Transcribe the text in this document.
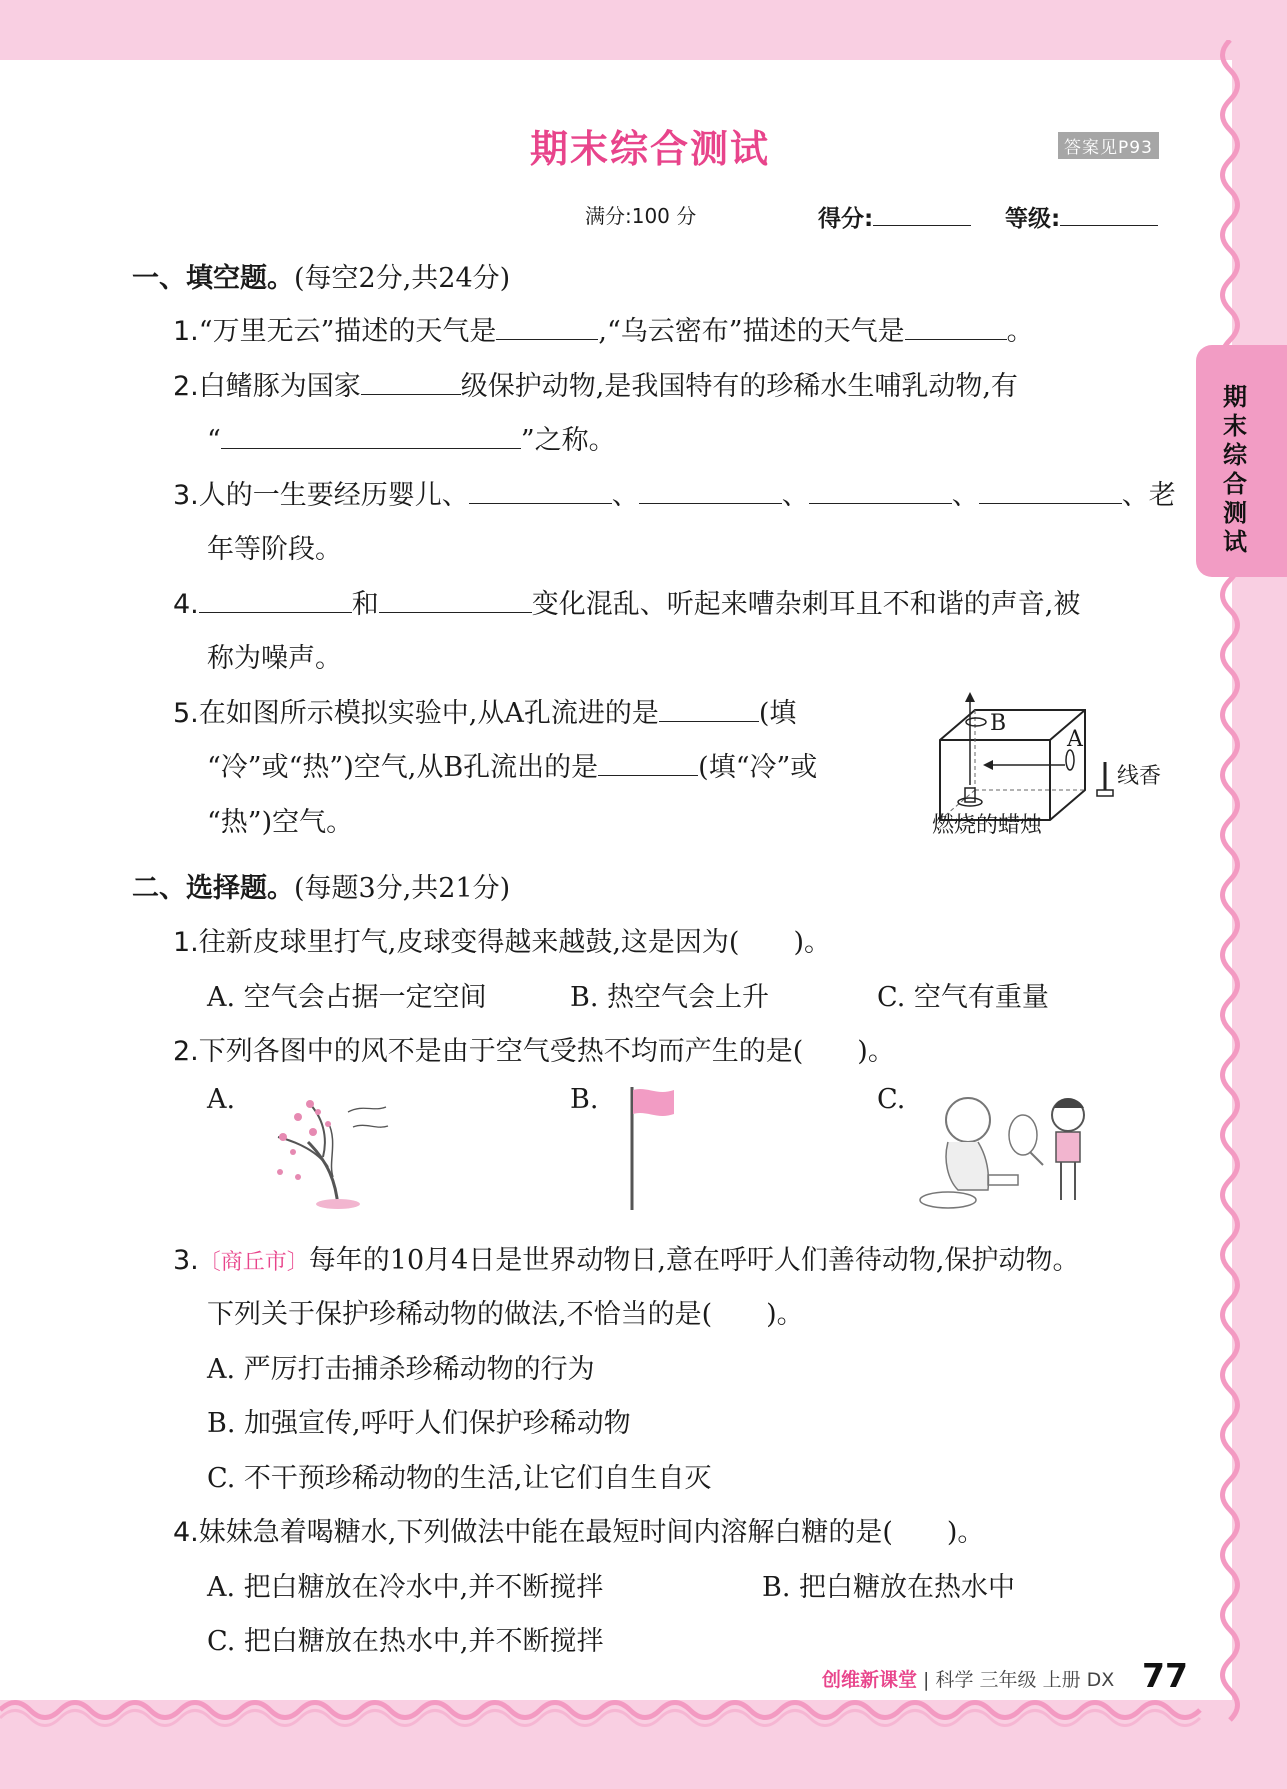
期末综合测试
期末综合测试	答案见P93
满分:100 分	得分:	等级:
一、填空题。(每空2分,共24分)
1.“万里无云”描述的天气是	,“乌云密布”描述的天气是	。
2.白鳍豚为国家	级保护动物,是我国特有的珍稀水生哺乳动物,有
“	”之称。
3.人的一生要经历婴儿、	、	、	、	、老
年等阶段。
4.	和	变化混乱、听起来嘈杂刺耳且不和谐的声音,被
称为噪声。
5.在如图所示模拟实验中,从A孔流进的是	(填
“冷”或“热”)空气,从B孔流出的是	(填“冷”或
“热”)空气。
B
A
线香
燃烧的蜡烛
二、选择题。(每题3分,共21分)
1.往新皮球里打气,皮球变得越来越鼓,这是因为(　　)。
A. 空气会占据一定空间	B. 热空气会上升	C. 空气有重量
2.下列各图中的风不是由于空气受热不均而产生的是(　　)。
A.	B.	C.
3.〔商丘市〕每年的10月4日是世界动物日,意在呼吁人们善待动物,保护动物。
下列关于保护珍稀动物的做法,不恰当的是(　　)。
A. 严厉打击捕杀珍稀动物的行为
B. 加强宣传,呼吁人们保护珍稀动物
C. 不干预珍稀动物的生活,让它们自生自灭
4.妹妹急着喝糖水,下列做法中能在最短时间内溶解白糖的是(　　)。
A. 把白糖放在冷水中,并不断搅拌	B. 把白糖放在热水中
C. 把白糖放在热水中,并不断搅拌
创维新课堂 | 科学 三年级 上册 DX 77
